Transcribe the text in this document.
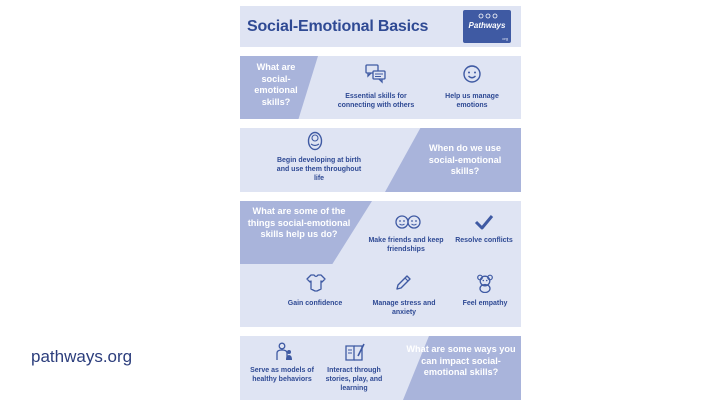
Social-Emotional Basics	Pathways
org
What are social-emotional skills?	Essential skills for connecting with others
Help us manage emotions
Begin developing at birth and use them throughout life
When do we use social-emotional skills?
What are some of the things social-emotional skills help us do?
Make friends and keep friendships
Resolve conflicts
Gain confidence	Manage stress and anxiety
Feel empathy
Serve as models of healthy behaviors
Interact through stories, play, and learning
What are some ways you can impact social-emotional skills?
pathways.org
